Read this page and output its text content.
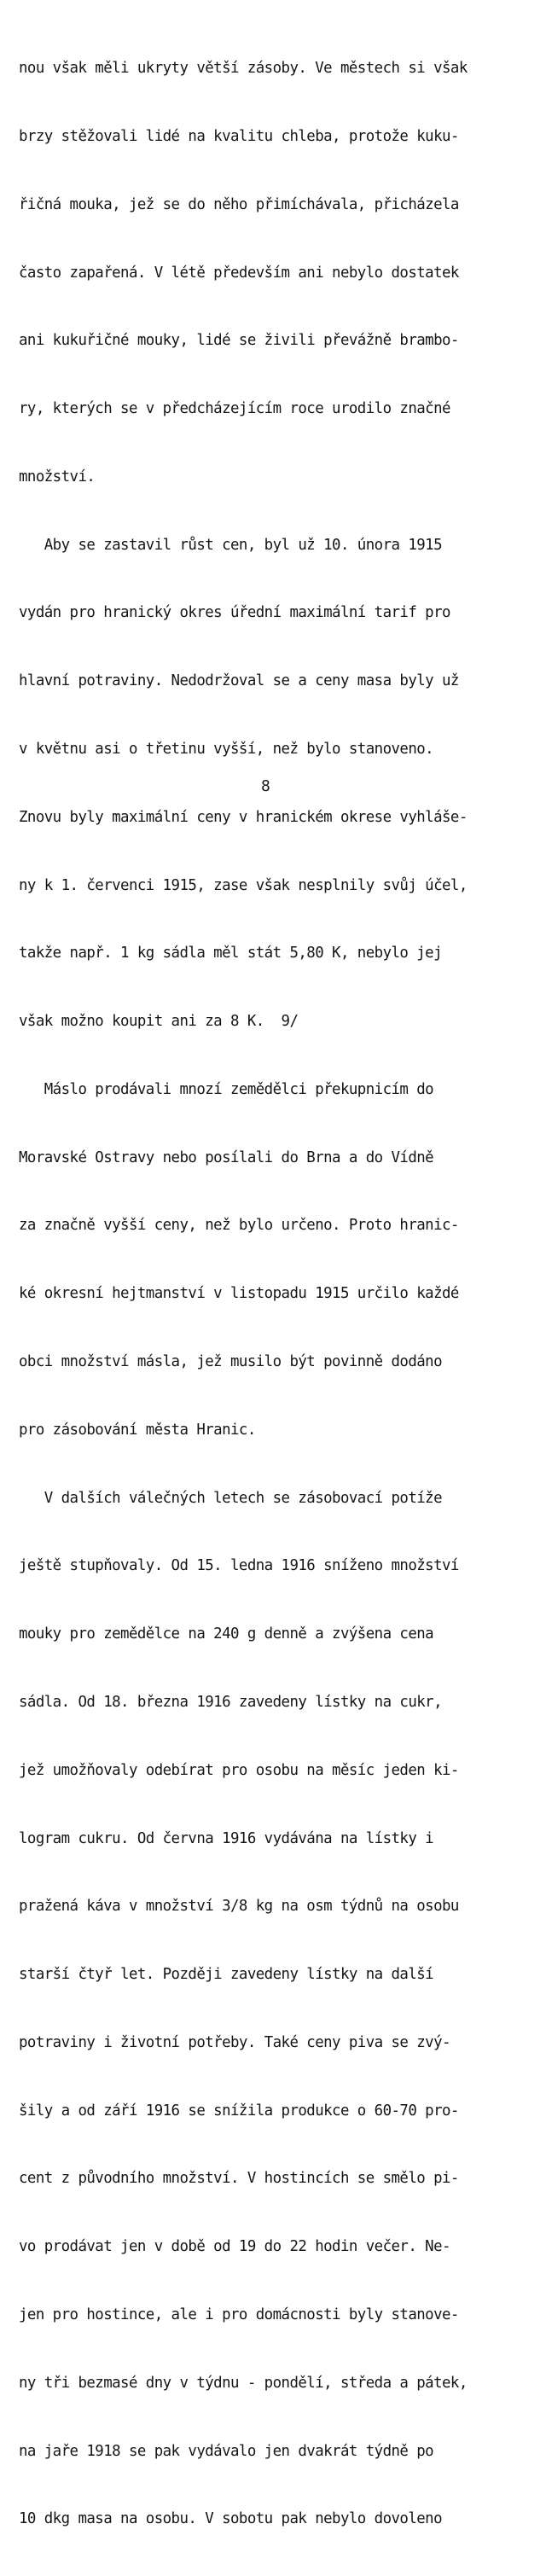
nou však měli ukryty větší zásoby. Ve městech si však

brzy stěžovali lidé na kvalitu chleba, protože kuku-

řičná mouka, jež se do něho přimíchávala, přicházela

často zapařená. V létě především ani nebylo dostatek

ani kukuřičné mouky, lidé se živili převážně brambo-

ry, kterých se v předcházejícím roce urodilo značné

množství.

Aby se zastavil růst cen, byl už 10. února 1915

vydán pro hranický okres úřední maximální tarif pro

hlavní potraviny. Nedodržoval se a ceny masa byly už

v květnu asi o třetinu vyšší, než bylo stanoveno.

Znovu byly maximální ceny v hranickém okrese vyhláše-

ny k 1. červenci 1915, zase však nesplnily svůj účel,

takže např. 1 kg sádla měl stát 5,80 K, nebylo jej

však možno koupit ani za 8 K.  9/

Máslo prodávali mnozí zemědělci překupnicím do

Moravské Ostravy nebo posílali do Brna a do Vídně

za značně vyšší ceny, než bylo určeno. Proto hranic-

ké okresní hejtmanství v listopadu 1915 určilo každé

obci množství másla, jež musilo být povinně dodáno

pro zásobování města Hranic.

V dalších válečných letech se zásobovací potíže

ještě stupňovaly. Od 15. ledna 1916 sníženo množství

mouky pro zemědělce na 240 g denně a zvýšena cena

sádla. Od 18. března 1916 zavedeny lístky na cukr,

jež umožňovaly odebírat pro osobu na měsíc jeden ki-

logram cukru. Od června 1916 vydávána na lístky i

pražená káva v množství 3/8 kg na osm týdnů na osobu

starší čtyř let. Později zavedeny lístky na další

potraviny i životní potřeby. Také ceny piva se zvý-

šily a od září 1916 se snížila produkce o 60-70 pro-

cent z původního množství. V hostincích se smělo pi-

vo prodávat jen v době od 19 do 22 hodin večer. Ne-

jen pro hostince, ale i pro domácnosti byly stanove-

ny tři bezmasé dny v týdnu - pondělí, středa a pátek,

na jaře 1918 se pak vydávalo jen dvakrát týdně po

10 dkg masa na osobu. V sobotu pak nebylo dovoleno

8
